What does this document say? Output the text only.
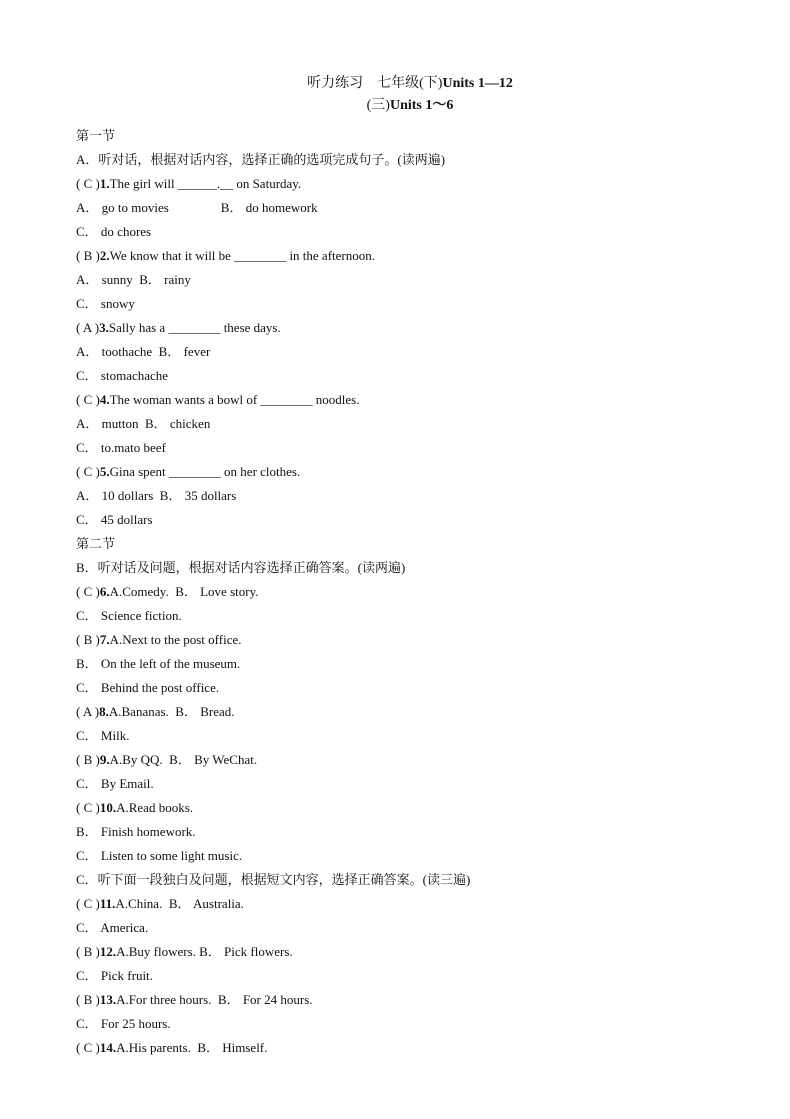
听力练习　七年级(下)Units 1—12
(三)Units 1～6
第一节
A．听对话，根据对话内容，选择正确的选项完成句子。(读两遍)
( C )1.The girl will ______.__ on Saturday.
A． go to movies                B． do homework
C． do chores
( B )2.We know that it will be ________ in the afternoon.
A． sunny  B． rainy
C． snowy
( A )3.Sally has a ________ these days.
A． toothache  B． fever
C． stomachache
( C )4.The woman wants a bowl of ________ noodles.
A． mutton  B． chicken
C． to.mato beef
( C )5.Gina spent ________ on her clothes.
A． 10 dollars  B． 35 dollars
C． 45 dollars
第二节
B．听对话及问题，根据对话内容选择正确答案。(读两遍)
( C )6.A.Comedy.  B． Love story.
C． Science fiction.
( B )7.A.Next to the post office.
B． On the left of the museum.
C． Behind the post office.
( A )8.A.Bananas.  B． Bread.
C． Milk.
( B )9.A.By QQ.  B． By WeChat.
C． By Email.
( C )10.A.Read books.
B． Finish homework.
C． Listen to some light music.
C．听下面一段独白及问题，根据短文内容，选择正确答案。(读三遍)
( C )11.A.China.  B． Australia.
C． America.
( B )12.A.Buy flowers. B． Pick flowers.
C． Pick fruit.
( B )13.A.For three hours.  B． For 24 hours.
C． For 25 hours.
( C )14.A.His parents.  B． Himself.
